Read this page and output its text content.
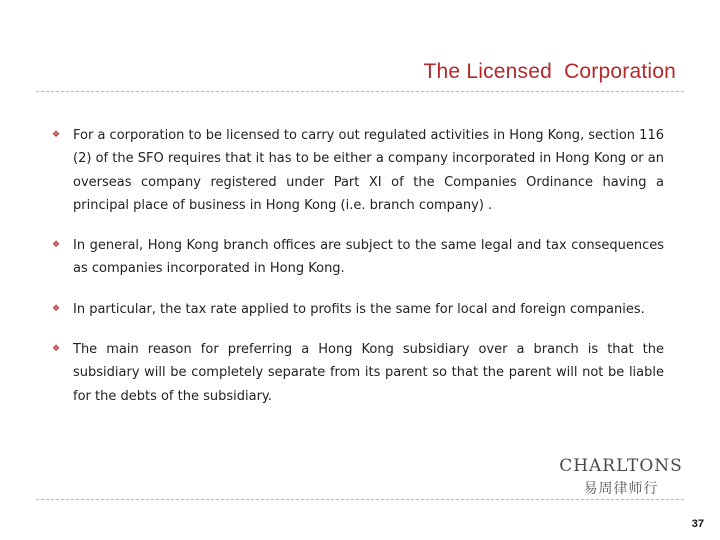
The Licensed  Corporation
❖ For a corporation to be licensed to carry out regulated activities in Hong Kong, section 116 (2) of the SFO requires that it has to be either a company incorporated in Hong Kong or an overseas company registered under Part XI of the Companies Ordinance having a principal place of business in Hong Kong (i.e. branch company) .
❖ In general, Hong Kong branch offices are subject to the same legal and tax consequences as companies incorporated in Hong Kong.
❖ In particular, the tax rate applied to profits is the same for local and foreign companies.
❖ The main reason for preferring a Hong Kong subsidiary over a branch is that the subsidiary will be completely separate from its parent so that the parent will not be liable for the debts of the subsidiary.
CHARLTONS
易周律师行
37
